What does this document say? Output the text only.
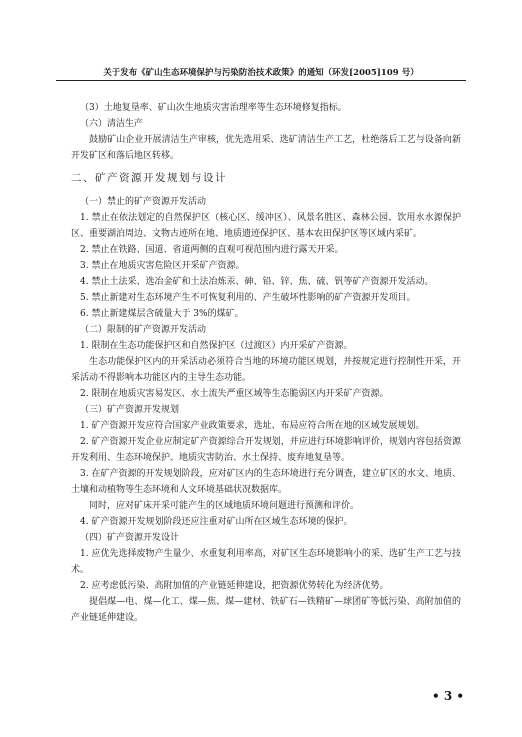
关于发布《矿山生态环境保护与污染防治技术政策》的通知（环发[2005]109 号）

（3）土地复垦率、矿山次生地质灾害治理率等生态环境修复指标。

（六）清洁生产

鼓励矿山企业开展清洁生产审核，优先选用采、选矿清洁生产工艺，杜绝落后工艺与设备向新开发矿区和落后地区转移。

二、矿产资源开发规划与设计

（一）禁止的矿产资源开发活动

1. 禁止在依法划定的自然保护区（核心区、缓冲区）、风景名胜区、森林公园、饮用水水源保护区、重要湖泊周边、文物古迹所在地、地质遗迹保护区、基本农田保护区等区域内采矿。

2. 禁止在铁路、国道、省道两侧的直观可视范围内进行露天开采。

3. 禁止在地质灾害危险区开采矿产资源。

4. 禁止土法采、选冶金矿和土法冶炼汞、砷、铅、锌、焦、硫、钒等矿产资源开发活动。

5. 禁止新建对生态环境产生不可恢复利用的、产生破坏性影响的矿产资源开发项目。

6. 禁止新建煤层含硫量大于 3%的煤矿。

（二）限制的矿产资源开发活动

1. 限制在生态功能保护区和自然保护区（过渡区）内开采矿产资源。

生态功能保护区内的开采活动必须符合当地的环境功能区规划，并按规定进行控制性开采，开采活动不得影响本功能区内的主导生态功能。

2. 限制在地质灾害易发区、水土流失严重区域等生态脆弱区内开采矿产资源。

（三）矿产资源开发规划

1. 矿产资源开发应符合国家产业政策要求，选址、布局应符合所在地的区域发展规划。

2. 矿产资源开发企业应制定矿产资源综合开发规划，并应进行环境影响评价，规划内容包括资源开发利用、生态环境保护、地质灾害防治、水土保持、废弃地复垦等。

3. 在矿产资源的开发规划阶段，应对矿区内的生态环境进行充分调查，建立矿区的水文、地质、土壤和动植物等生态环境和人文环境基础状况数据库。

同时，应对矿床开采可能产生的区域地质环境问题进行预测和评价。

4. 矿产资源开发规划阶段还应注重对矿山所在区域生态环境的保护。

（四）矿产资源开发设计

1. 应优先选择废物产生量少、水重复利用率高，对矿区生态环境影响小的采、选矿生产工艺与技术。

2. 应考虑低污染、高附加值的产业链延伸建设，把资源优势转化为经济优势。

提倡煤—电、煤—化工、煤—焦、煤—建材、铁矿石—铁精矿—球团矿等低污染、高附加值的产业链延伸建设。

• 3 •
